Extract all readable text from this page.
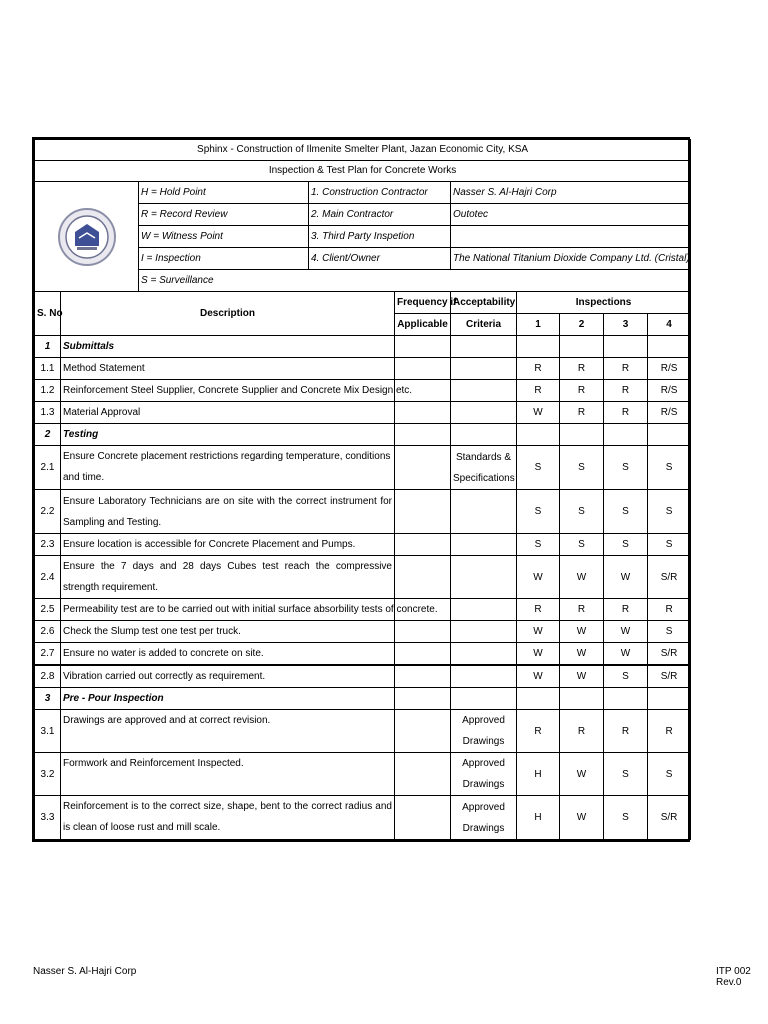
Sphinx - Construction of Ilmenite Smelter Plant, Jazan Economic City, KSA									
Inspection & Test Plan for Concrete Works									
	H = Hold Point	1. Construction Contractor		Nasser S. Al-Hajri Corp				
		R = Record Review	2. Main Contractor		Outotec				
		W = Witness Point	3. Third Party Inspetion						
		I = Inspection	4. Client/Owner		The National Titanium Dioxide Company Ltd. (Cristal)				
		S = Surveillance							
S. No	Description			Frequency if	Acceptability	Inspections			
				Applicable	Criteria	1	2	3	4
1	Submittals								
1.1	Method Statement					R	R	R	R/S
1.2	Reinforcement Steel Supplier, Concrete Supplier and Concrete Mix Design etc.					R	R	R	R/S
1.3	Material Approval					W	R	R	R/S
2	Testing								
2.1	Ensure Concrete placement restrictions regarding temperature, conditions and time.				Standards &
Specifications	S	S	S	S
2.2	Ensure Laboratory Technicians are on site with the correct instrument for Sampling and Testing.					S	S	S	S
2.3	Ensure location is accessible for Concrete Placement and Pumps.					S	S	S	S
2.4	Ensure the 7 days and 28 days Cubes test reach the compressive strength requirement.					W	W	W	S/R
2.5	Permeability test are to be carried out with initial surface absorbility tests of concrete.					R	R	R	R
2.6	Check the Slump test one test per truck.					W	W	W	S
2.7	Ensure no water is added to concrete on site.					W	W	W	S/R
2.8	Vibration carried out correctly as requirement.					W	W	S	S/R
3	Pre - Pour Inspection								
3.1	Drawings are approved and at correct revision.				Approved
Drawings	R	R	R	R
3.2	Formwork and Reinforcement Inspected.				Approved
Drawings	H	W	S	S
3.3	Reinforcement is to the correct size, shape, bent to the correct radius and is clean of loose rust and mill scale.				Approved
Drawings	H	W	S	S/R
Nasser S. Al-Hajri Corp	ITP 002 Rev.0
